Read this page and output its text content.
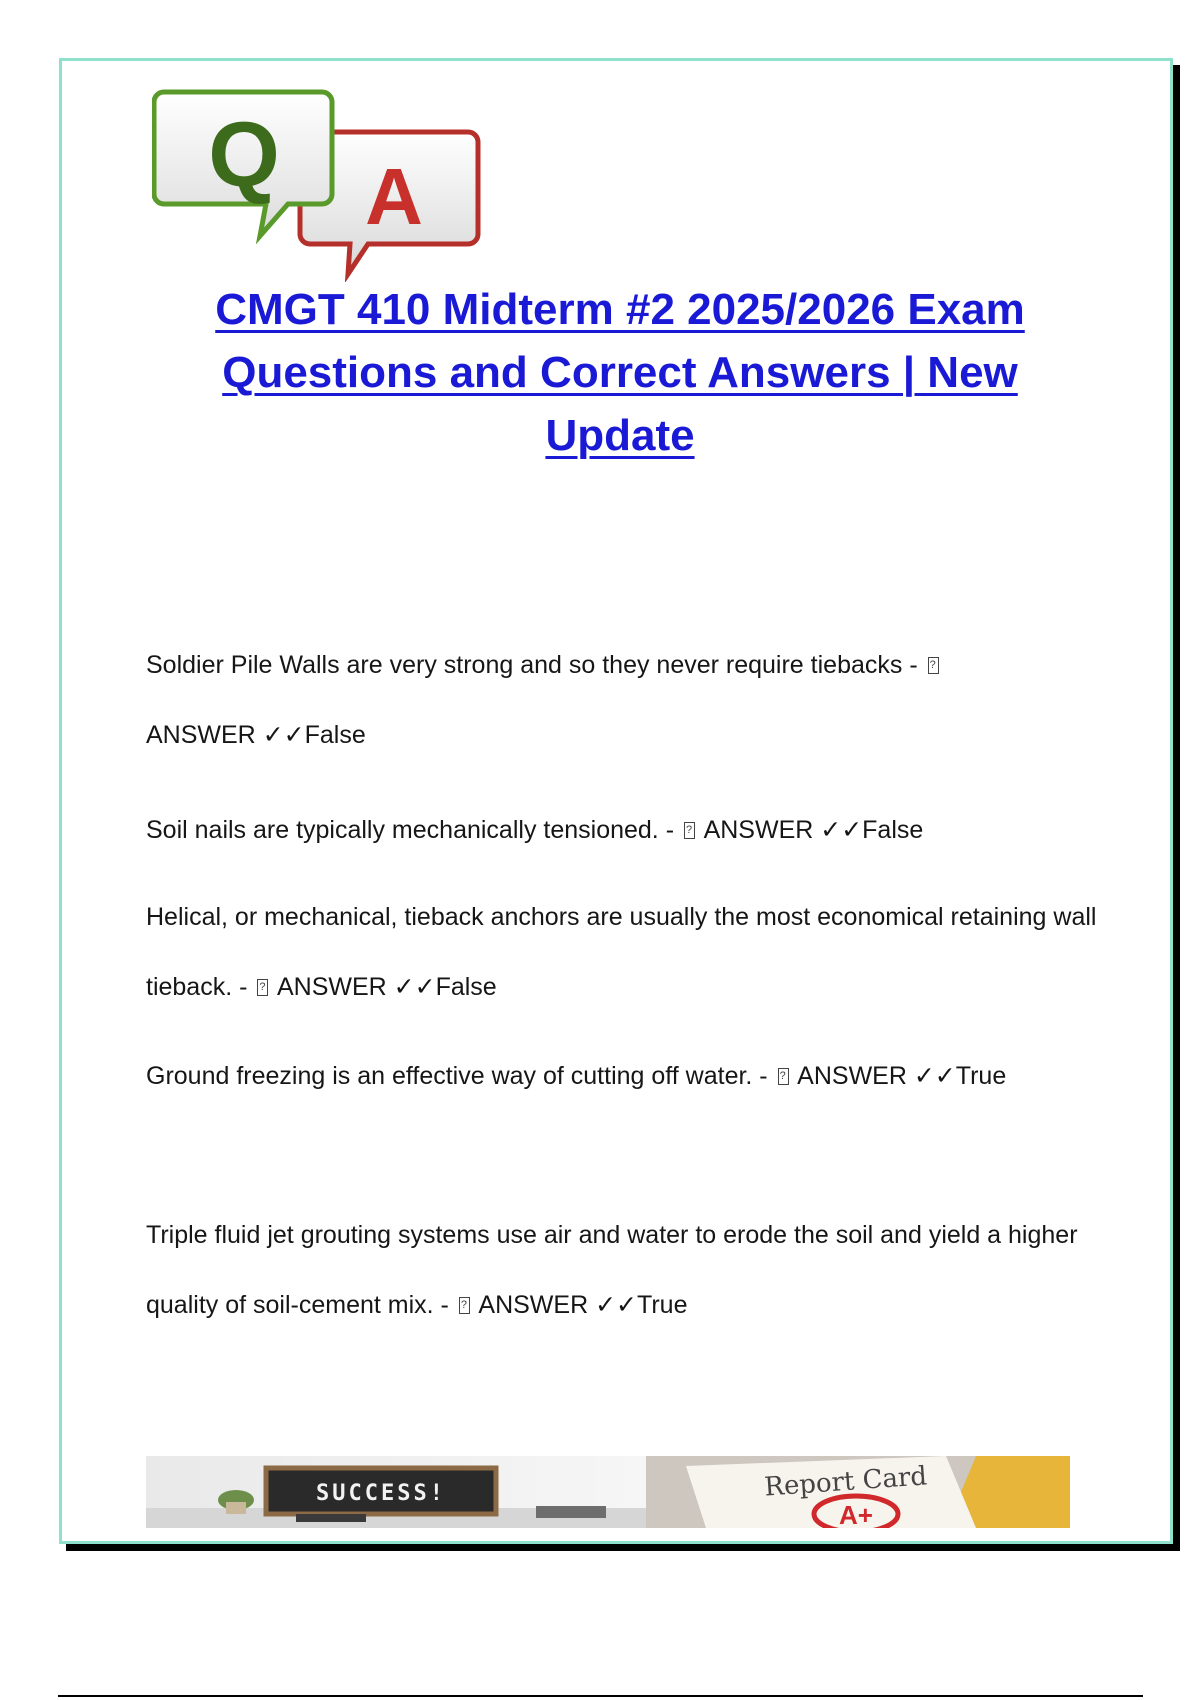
Q A
CMGT 410 Midterm #2 2025/2026 Exam Questions and Correct Answers | New Update

Soldier Pile Walls are very strong and so they never require tiebacks - ? ANSWER ✓✓False

Soil nails are typically mechanically tensioned. - ? ANSWER ✓✓False

Helical, or mechanical, tieback anchors are usually the most economical retaining wall tieback. - ? ANSWER ✓✓False

Ground freezing is an effective way of cutting off water. - ? ANSWER ✓✓True

Triple fluid jet grouting systems use air and water to erode the soil and yield a higher quality of soil-cement mix. - ? ANSWER ✓✓True

SUCCESS!	Report Card
A+
